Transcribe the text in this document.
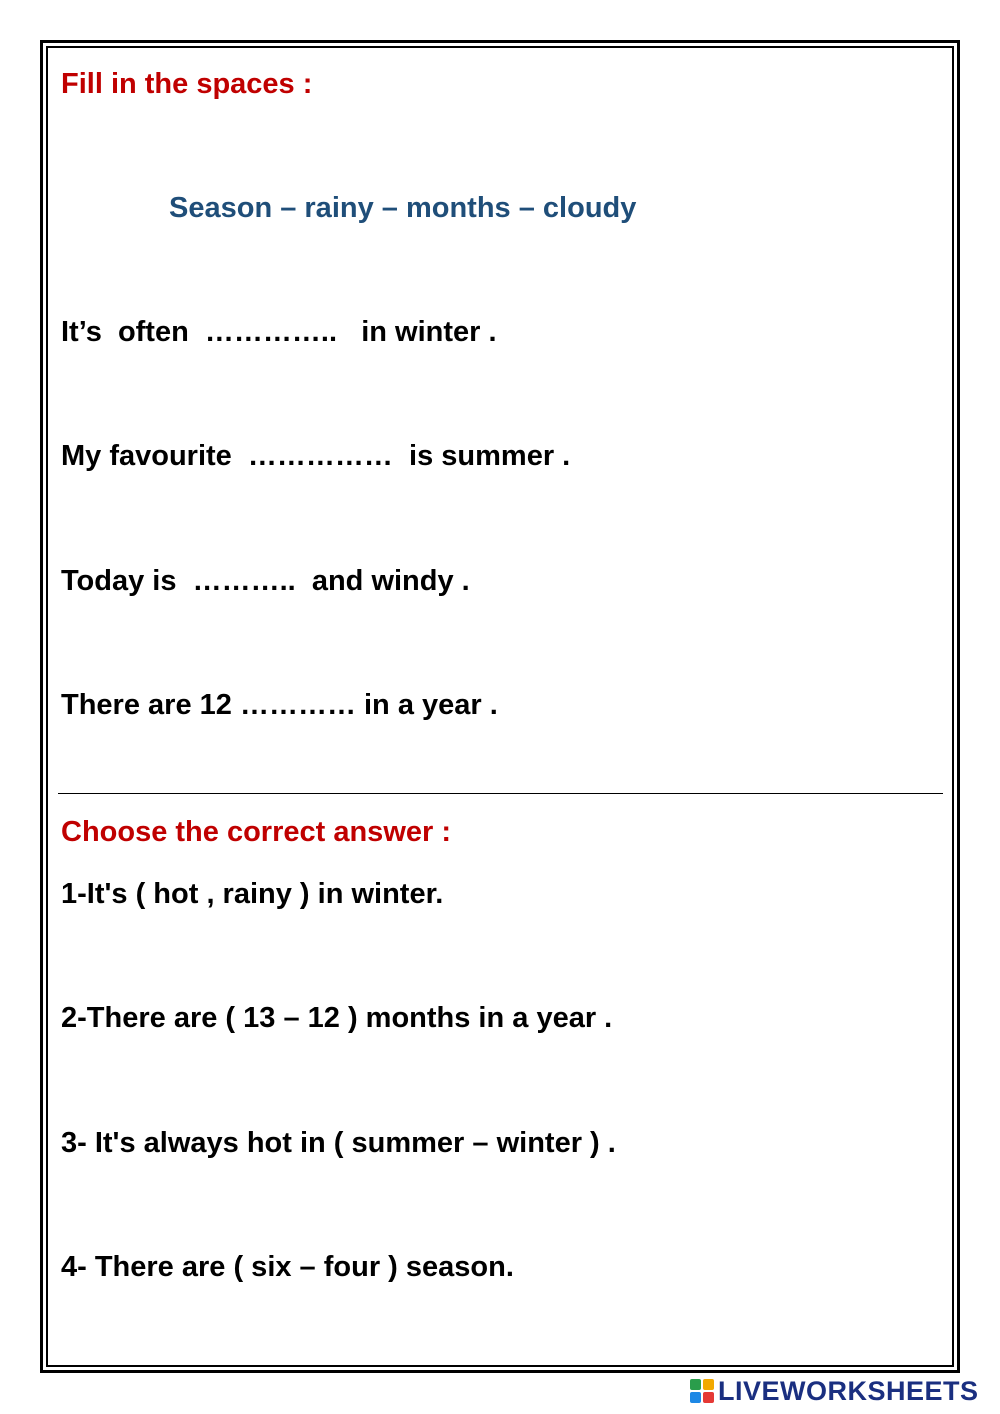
Fill in the spaces :
Season – rainy – months – cloudy
It’s  often  …………..   in winter .
My favourite  ……………  is summer .
Today is  ………..  and windy .
There are 12 ………… in a year .
Choose the correct answer :
1-It's ( hot , rainy ) in winter.
2-There are ( 13 – 12 ) months in a year .
3- It's always hot in ( summer – winter ) .
4- There are ( six – four ) season.
LIVEWORKSHEETS
